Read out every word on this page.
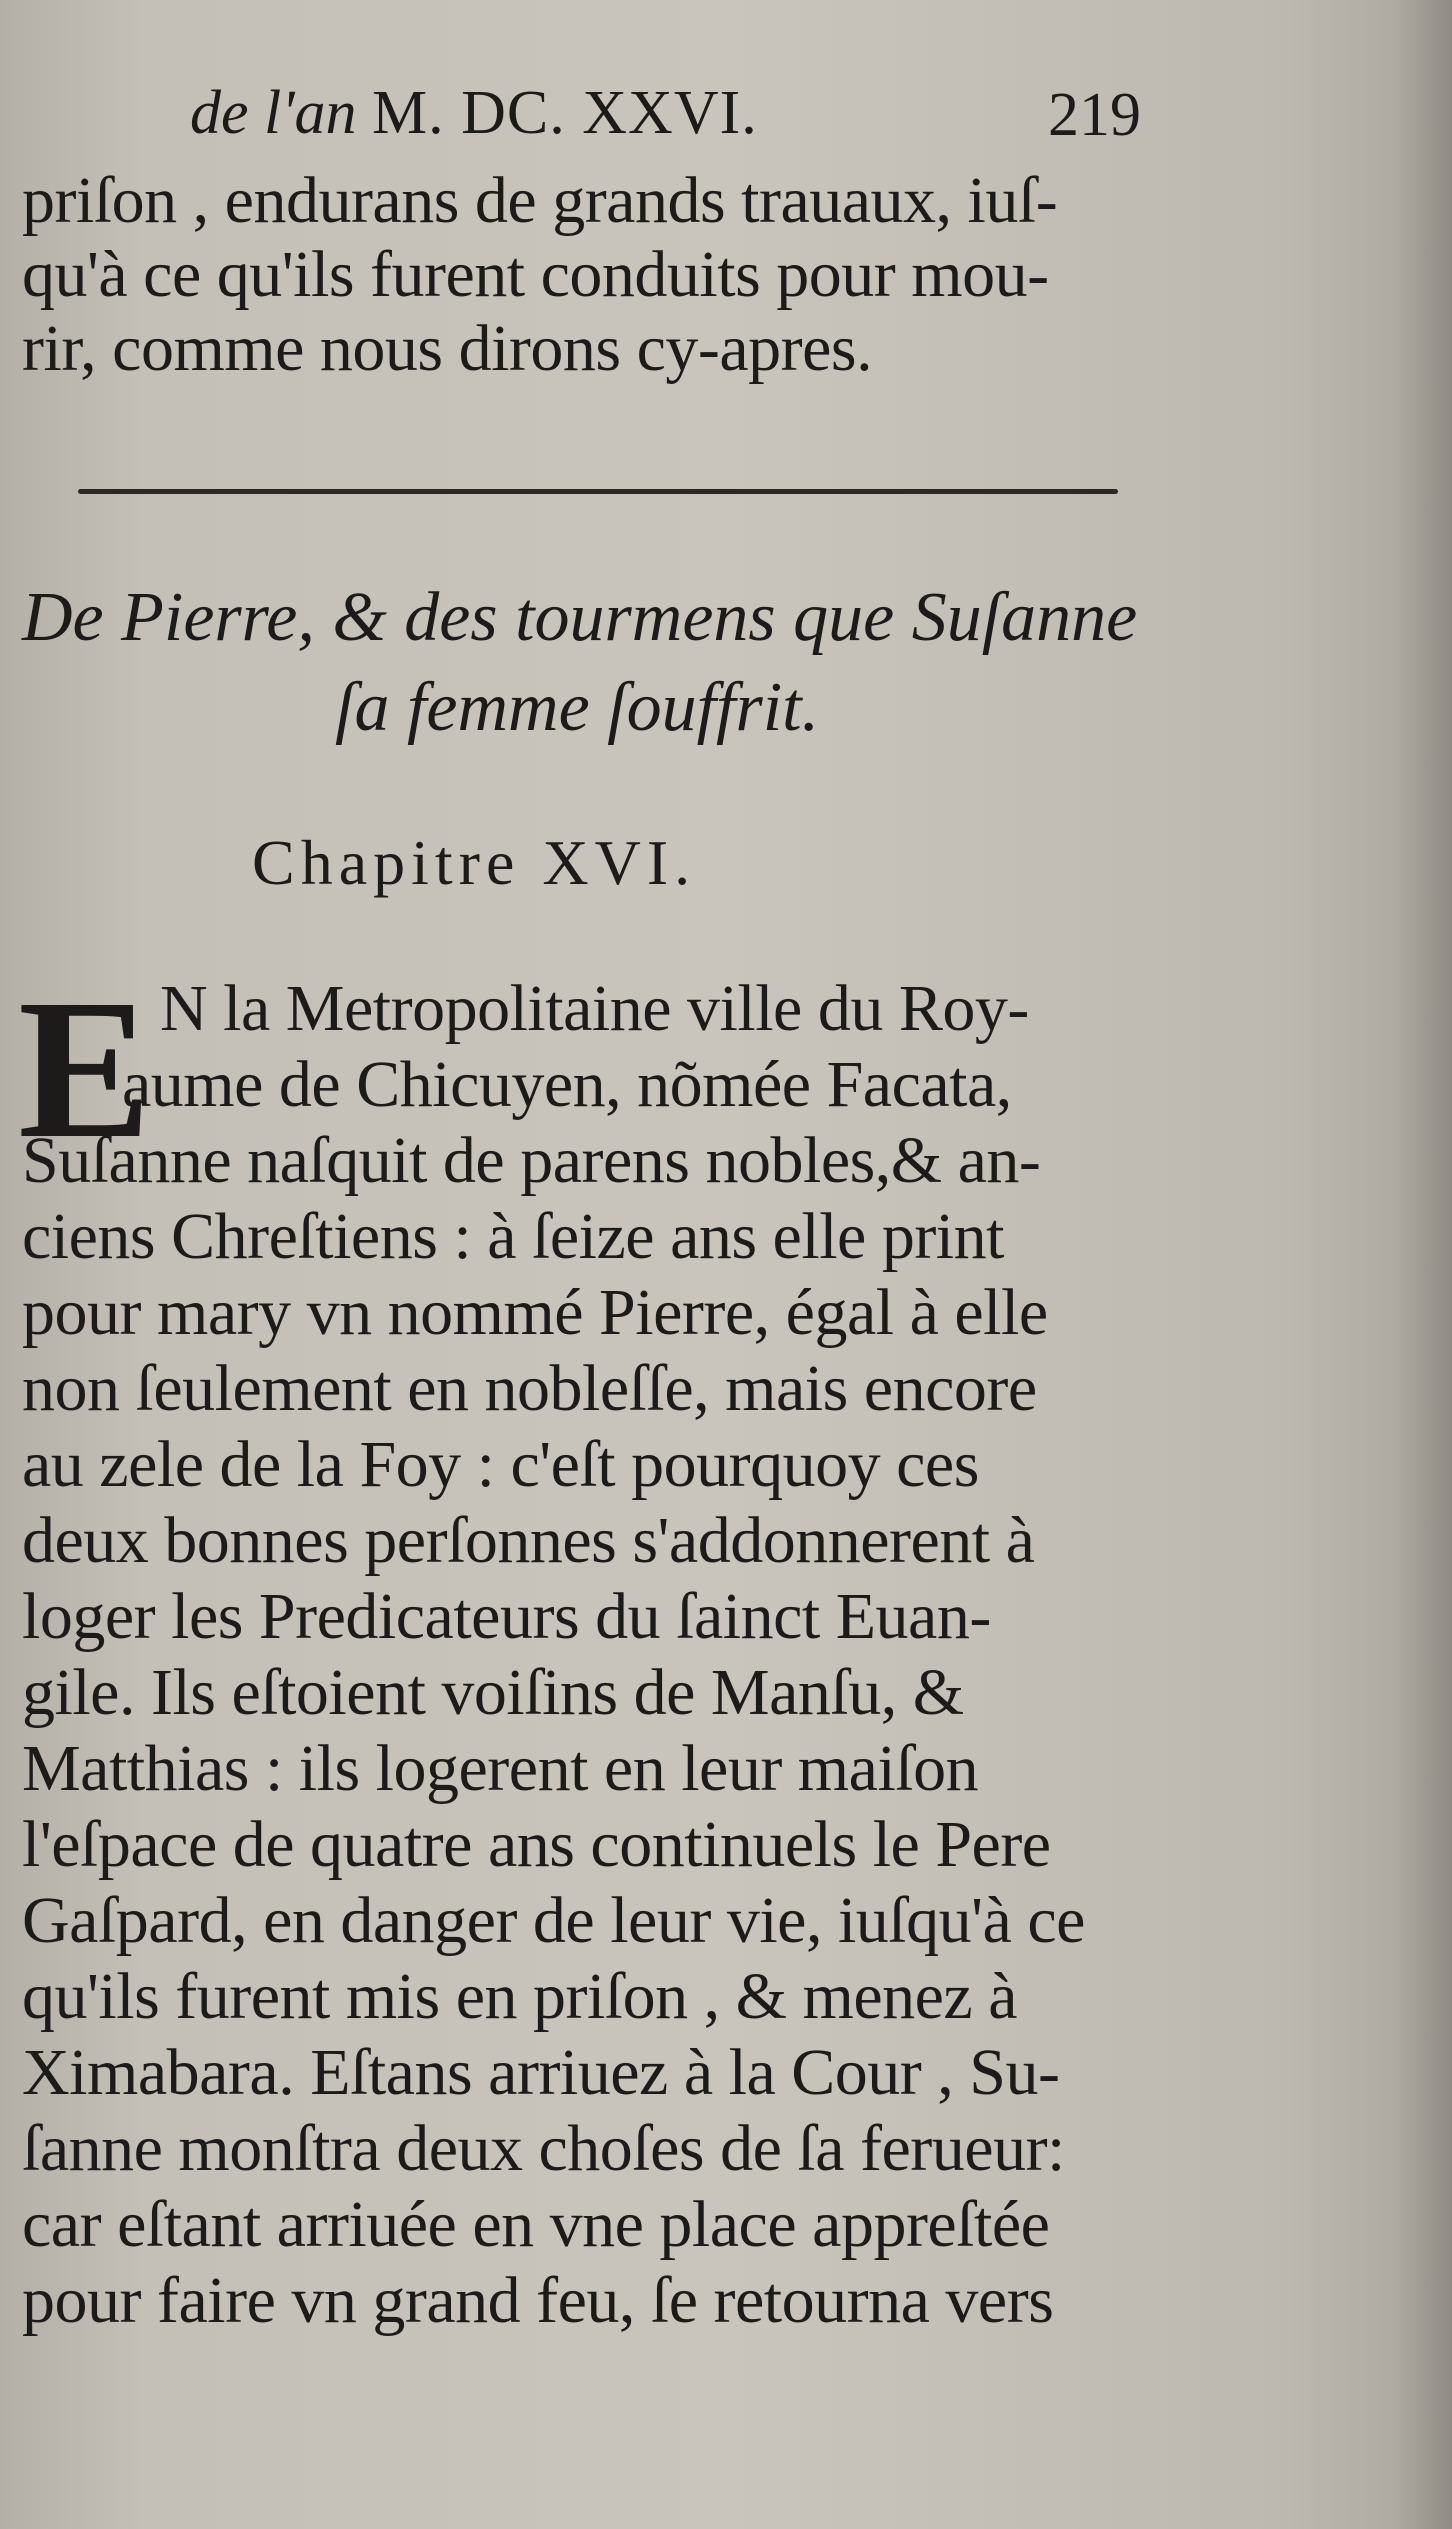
de l'an M. DC. XXVI.	219
priſon , endurans de grands trauaux, iuſ-
qu'à ce qu'ils furent conduits pour mou-
rir, comme nous dirons cy-apres.
De Pierre, & des tourmens que Suſanne
ſa femme ſouffrit.
Chapitre XVI.
E N la Metropolitaine ville du Roy-
aume de Chicuyen, nõmée Facata,
Suſanne naſquit de parens nobles,& an-
ciens Chreſtiens : à ſeize ans elle print
pour mary vn nommé Pierre, égal à elle
non ſeulement en nobleſſe, mais encore
au zele de la Foy : c'eſt pourquoy ces
deux bonnes perſonnes s'addonnerent à
loger les Predicateurs du ſainct Euan-
gile. Ils eſtoient voiſins de Manſu, &
Matthias : ils logerent en leur maiſon
l'eſpace de quatre ans continuels le Pere
Gaſpard, en danger de leur vie, iuſqu'à ce
qu'ils furent mis en priſon , & menez à
Ximabara. Eſtans arriuez à la Cour , Su-
ſanne monſtra deux choſes de ſa ferueur:
car eſtant arriuée en vne place appreſtée
pour faire vn grand feu, ſe retourna vers
